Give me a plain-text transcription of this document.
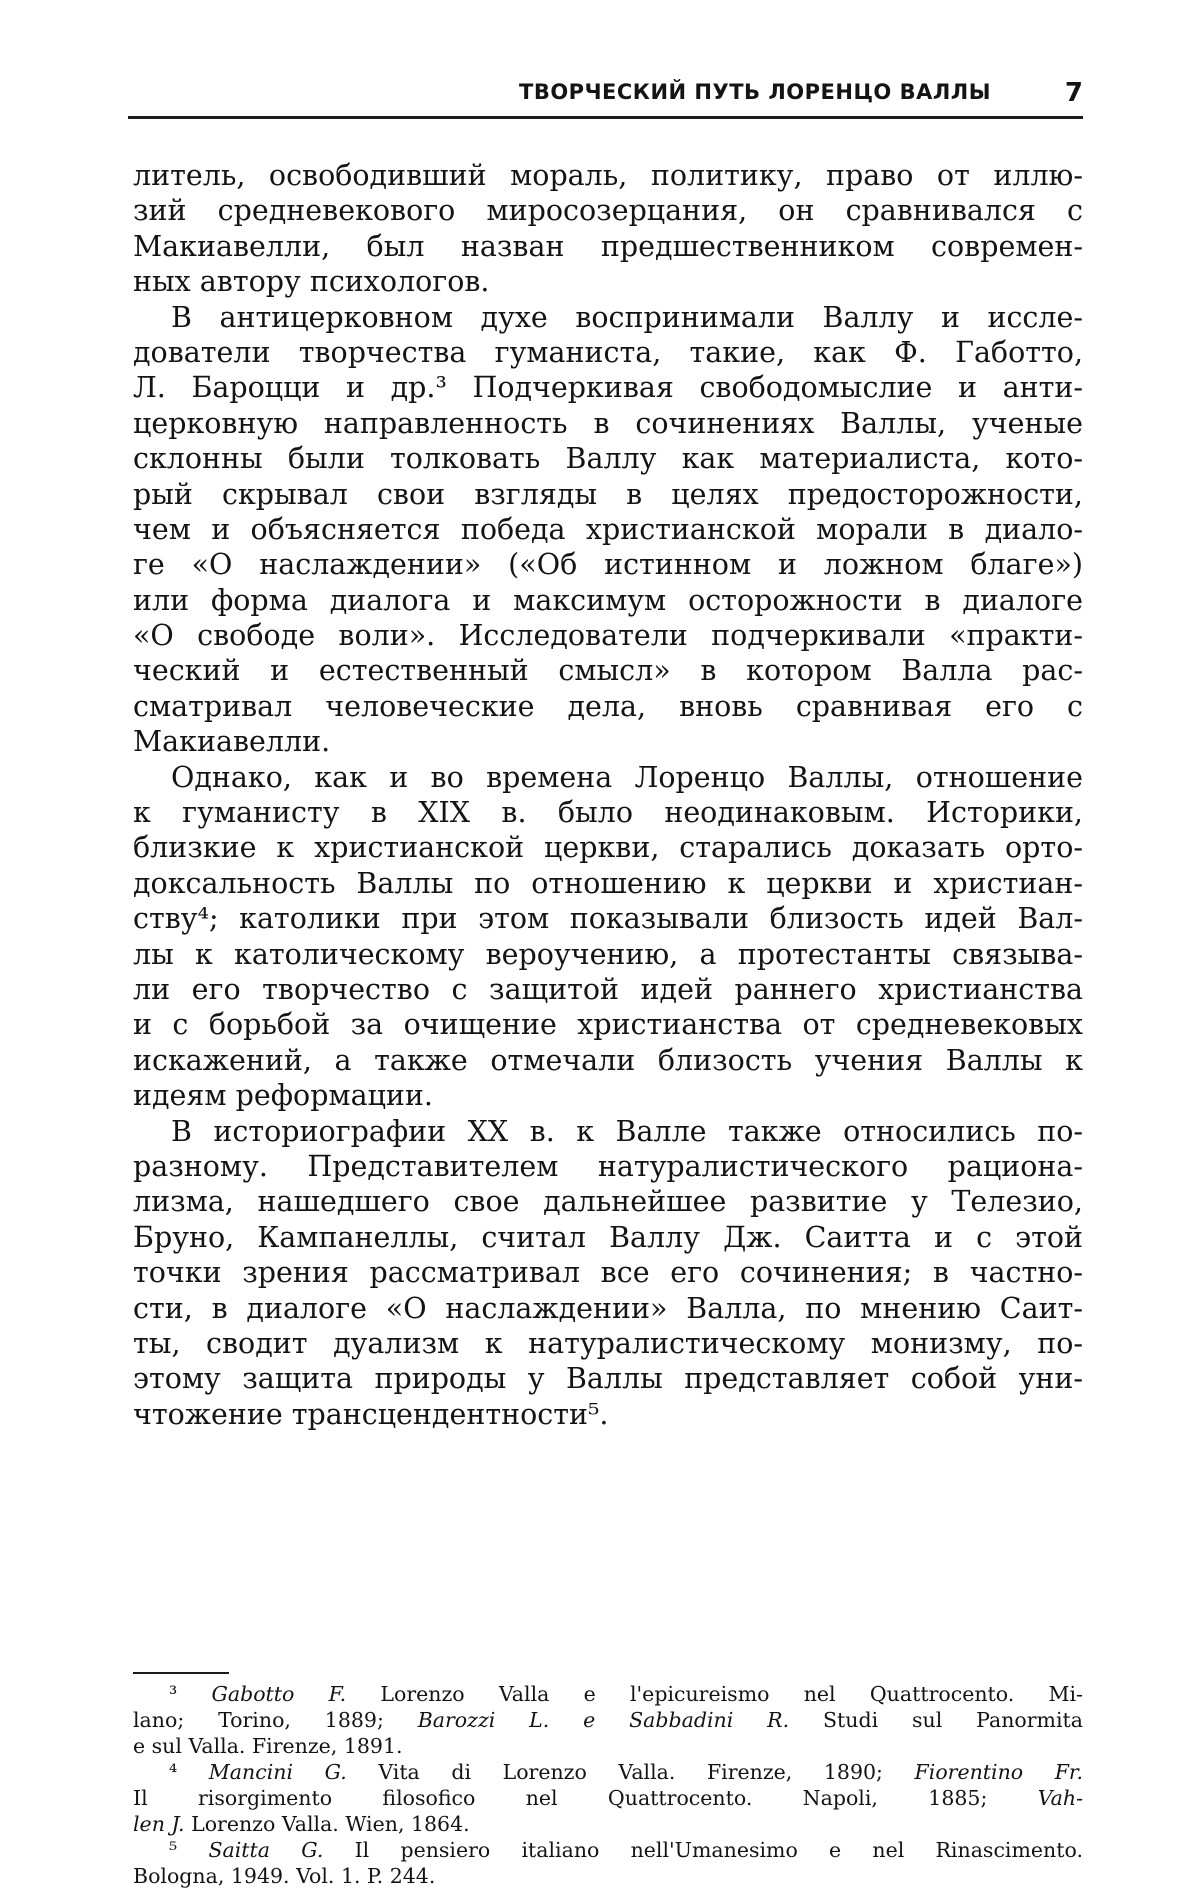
ТВОРЧЕСКИЙ ПУТЬ ЛОРЕНЦО ВАЛЛЫ	7
литель, освободивший мораль, политику, право от иллю-
зий средневекового миросозерцания, он сравнивался с
Макиавелли, был назван предшественником современ-
ных автору психологов.
В антицерковном духе воспринимали Валлу и иссле-
дователи творчества гуманиста, такие, как Ф. Габотто,
Л. Бароцци и др.³ Подчеркивая свободомыслие и анти-
церковную направленность в сочинениях Валлы, ученые
склонны были толковать Валлу как материалиста, кото-
рый скрывал свои взгляды в целях предосторожности,
чем и объясняется победа христианской морали в диало-
ге «О наслаждении» («Об истинном и ложном благе»)
или форма диалога и максимум осторожности в диалоге
«О свободе воли». Исследователи подчеркивали «практи-
ческий и естественный смысл» в котором Валла рас-
сматривал человеческие дела, вновь сравнивая его с
Макиавелли.
Однако, как и во времена Лоренцо Валлы, отношение
к гуманисту в XIX в. было неодинаковым. Историки,
близкие к христианской церкви, старались доказать орто-
доксальность Валлы по отношению к церкви и христиан-
ству⁴; католики при этом показывали близость идей Вал-
лы к католическому вероучению, а протестанты связыва-
ли его творчество с защитой идей раннего христианства
и с борьбой за очищение христианства от средневековых
искажений, а также отмечали близость учения Валлы к
идеям реформации.
В историографии XX в. к Валле также относились по-
разному. Представителем натуралистического рациона-
лизма, нашедшего свое дальнейшее развитие у Телезио,
Бруно, Кампанеллы, считал Валлу Дж. Саитта и с этой
точки зрения рассматривал все его сочинения; в частно-
сти, в диалоге «О наслаждении» Валла, по мнению Саит-
ты, сводит дуализм к натуралистическому монизму, по-
этому защита природы у Валлы представляет собой уни-
чтожение трансцендентности⁵.
³ Gabotto F. Lorenzo Valla e l'epicureismo nel Quattrocento. Mi-
lano; Torino, 1889; Barozzi L. e Sabbadini R. Studi sul Panormita
e sul Valla. Firenze, 1891.
⁴ Mancini G. Vita di Lorenzo Valla. Firenze, 1890; Fiorentino Fr.
Il risorgimento filosofico nel Quattrocento. Napoli, 1885; Vah-
len J. Lorenzo Valla. Wien, 1864.
⁵ Saitta G. Il pensiero italiano nell'Umanesimo e nel Rinascimento.
Bologna, 1949. Vol. 1. P. 244.
